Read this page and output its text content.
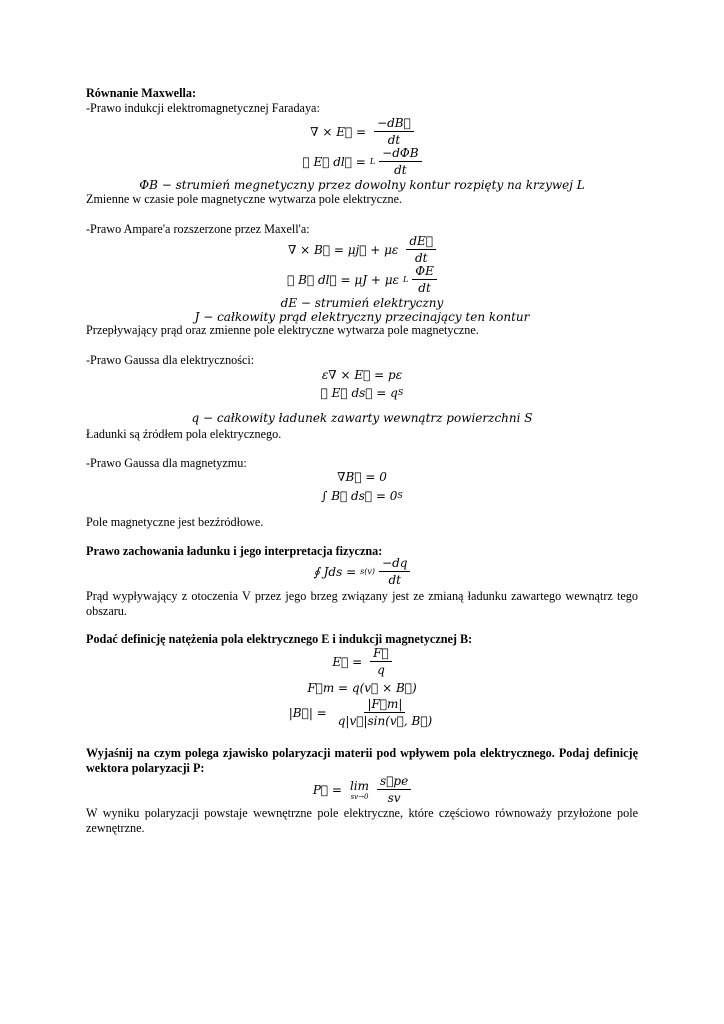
Równanie Maxwella:
-Prawo indukcji elektromagnetycznej Faradaya:
∇ × E⃗ = $\frac{-dB⃗}{dt}$
∮ E⃗ dl⃗ = L $\frac{\text{−dΦB}}{dt}$
ΦB − strumień megnetyczny przez dowolny kontur rozpięty na krzywej L
Zmienne w czasie pole magnetyczne wytwarza pole elektryczne.
-Prawo Ampare'a rozszerzone przez Maxell'a:
∇ × B⃗ = μj⃗ + με $\frac{dE⃗}{dt}$
∮ B⃗ dl⃗ = μJ + με L $\frac{\Phi E}{dt}$
dE − strumień elektryczny
J − całkowity prąd elektryczny przecinający ten kontur
Przepływający prąd oraz zmienne pole elektryczne wytwarza pole magnetyczne.
-Prawo Gaussa dla elektryczności:
ε∇ × E⃗ = pε
∮ E⃗ ds⃗ = q S
q − całkowity ładunek zawarty wewnątrz powierzchni S
Ładunki są źródłem pola elektrycznego.
-Prawo Gaussa dla magnetyzmu:
∇B⃗ = 0
∫ B⃗ ds⃗ = 0 S
Pole magnetyczne jest bezźródłowe.
Prawo zachowania ładunku i jego interpretacja fizyczna:
∮ Jds = $s(v) \frac{-dq}{dt}$
Prąd wypływający z otoczenia V przez jego brzeg związany jest ze zmianą ładunku zawartego wewnątrz tego obszaru.
Podać definicję natężenia pola elektrycznego E i indukcji magnetycznej B:
E⃗ = $\frac{F⃗}{q}$
F⃗m = q(v⃗ × B⃗)
|B⃗| = $\frac{|F⃗m|}{q|v⃗|\sin(v⃗, B⃗)}$
Wyjaśnij na czym polega zjawisko polaryzacji materii pod wpływem pola elektrycznego. Podaj definicję wektora polaryzacji P:
P⃗ = lim
$sv\to 0 \frac{s⃗pe}{sv}$
W wyniku polaryzacji powstaje wewnętrzne pole elektryczne, które częściowo równoważy przyłożone pole zewnętrzne.
